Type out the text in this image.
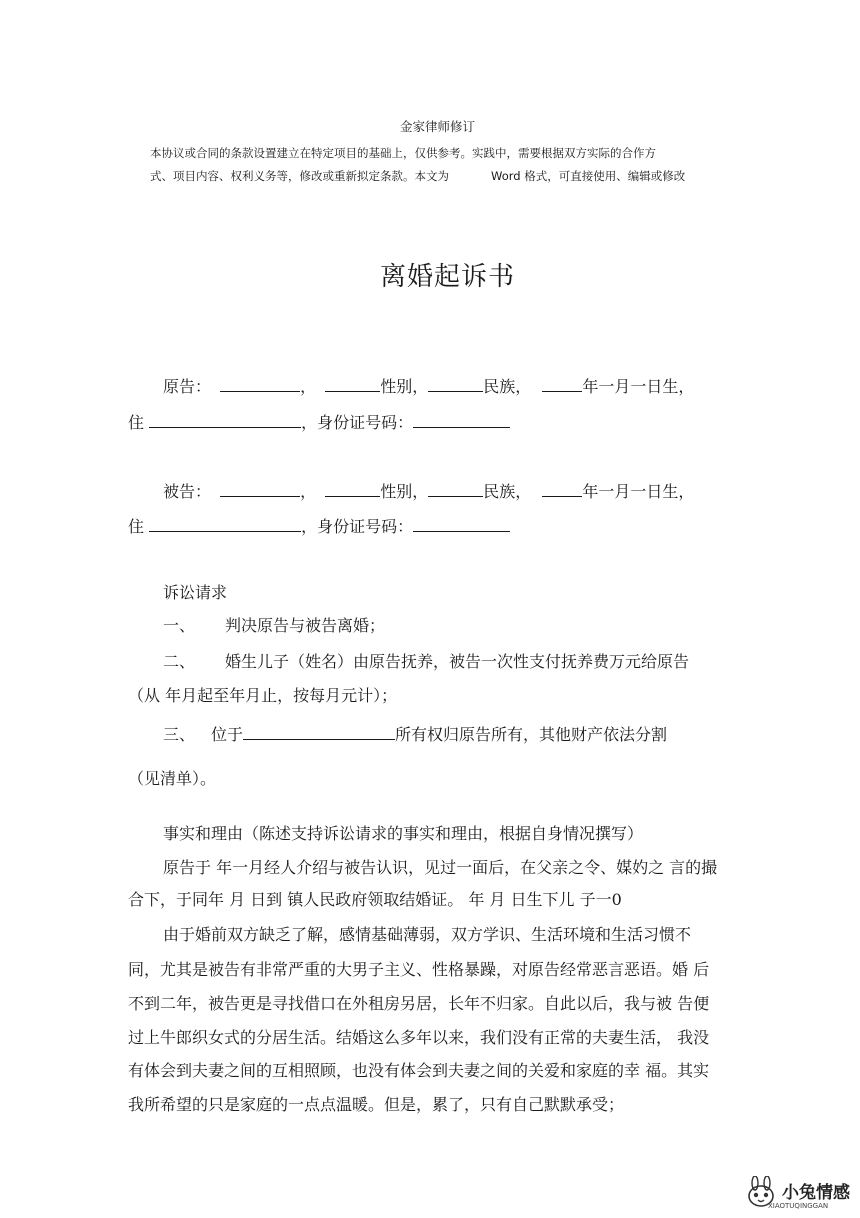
金家律师修订
本协议或合同的条款设置建立在特定项目的基础上，仅供参考。实践中，需要根据双方实际的合作方
式、项目内容、权利义务等，修改或重新拟定条款。本文为	Word 格式，可直接使用、编辑或修改
离婚起诉书
原告：	，	性别，	民族，	年一月一日生，
住	，身份证号码：
被告：	，	性别，	民族，	年一月一日生，
住	，身份证号码：
诉讼请求
一、 判决原告与被告离婚；
二、 婚生儿子（姓名）由原告抚养，被告一次性支付抚养费万元给原告
（从 年月起至年月止，按每月元计）；
三、 位于	所有权归原告所有，其他财产依法分割
（见清单）。
事实和理由（陈述支持诉讼请求的事实和理由，根据自身情况撰写）
原告于 年一月经人介绍与被告认识，见过一面后，在父亲之令、媒妁之 言的撮
合下，于同年 月 日到 镇人民政府领取结婚证。 年 月 日生下儿 子一0
由于婚前双方缺乏了解，感情基础薄弱，双方学识、生活环境和生活习惯不
同，尤其是被告有非常严重的大男子主义、性格暴躁，对原告经常恶言恶语。婚 后
不到二年，被告更是寻找借口在外租房另居，长年不归家。自此以后，我与被 告便
过上牛郎织女式的分居生活。结婚这么多年以来，我们没有正常的夫妻生活， 我没
有体会到夫妻之间的互相照顾，也没有体会到夫妻之间的关爱和家庭的幸 福。其实
我所希望的只是家庭的一点点温暖。但是，累了，只有自己默默承受；
小兔情感
XIAOTUQINGGAN
